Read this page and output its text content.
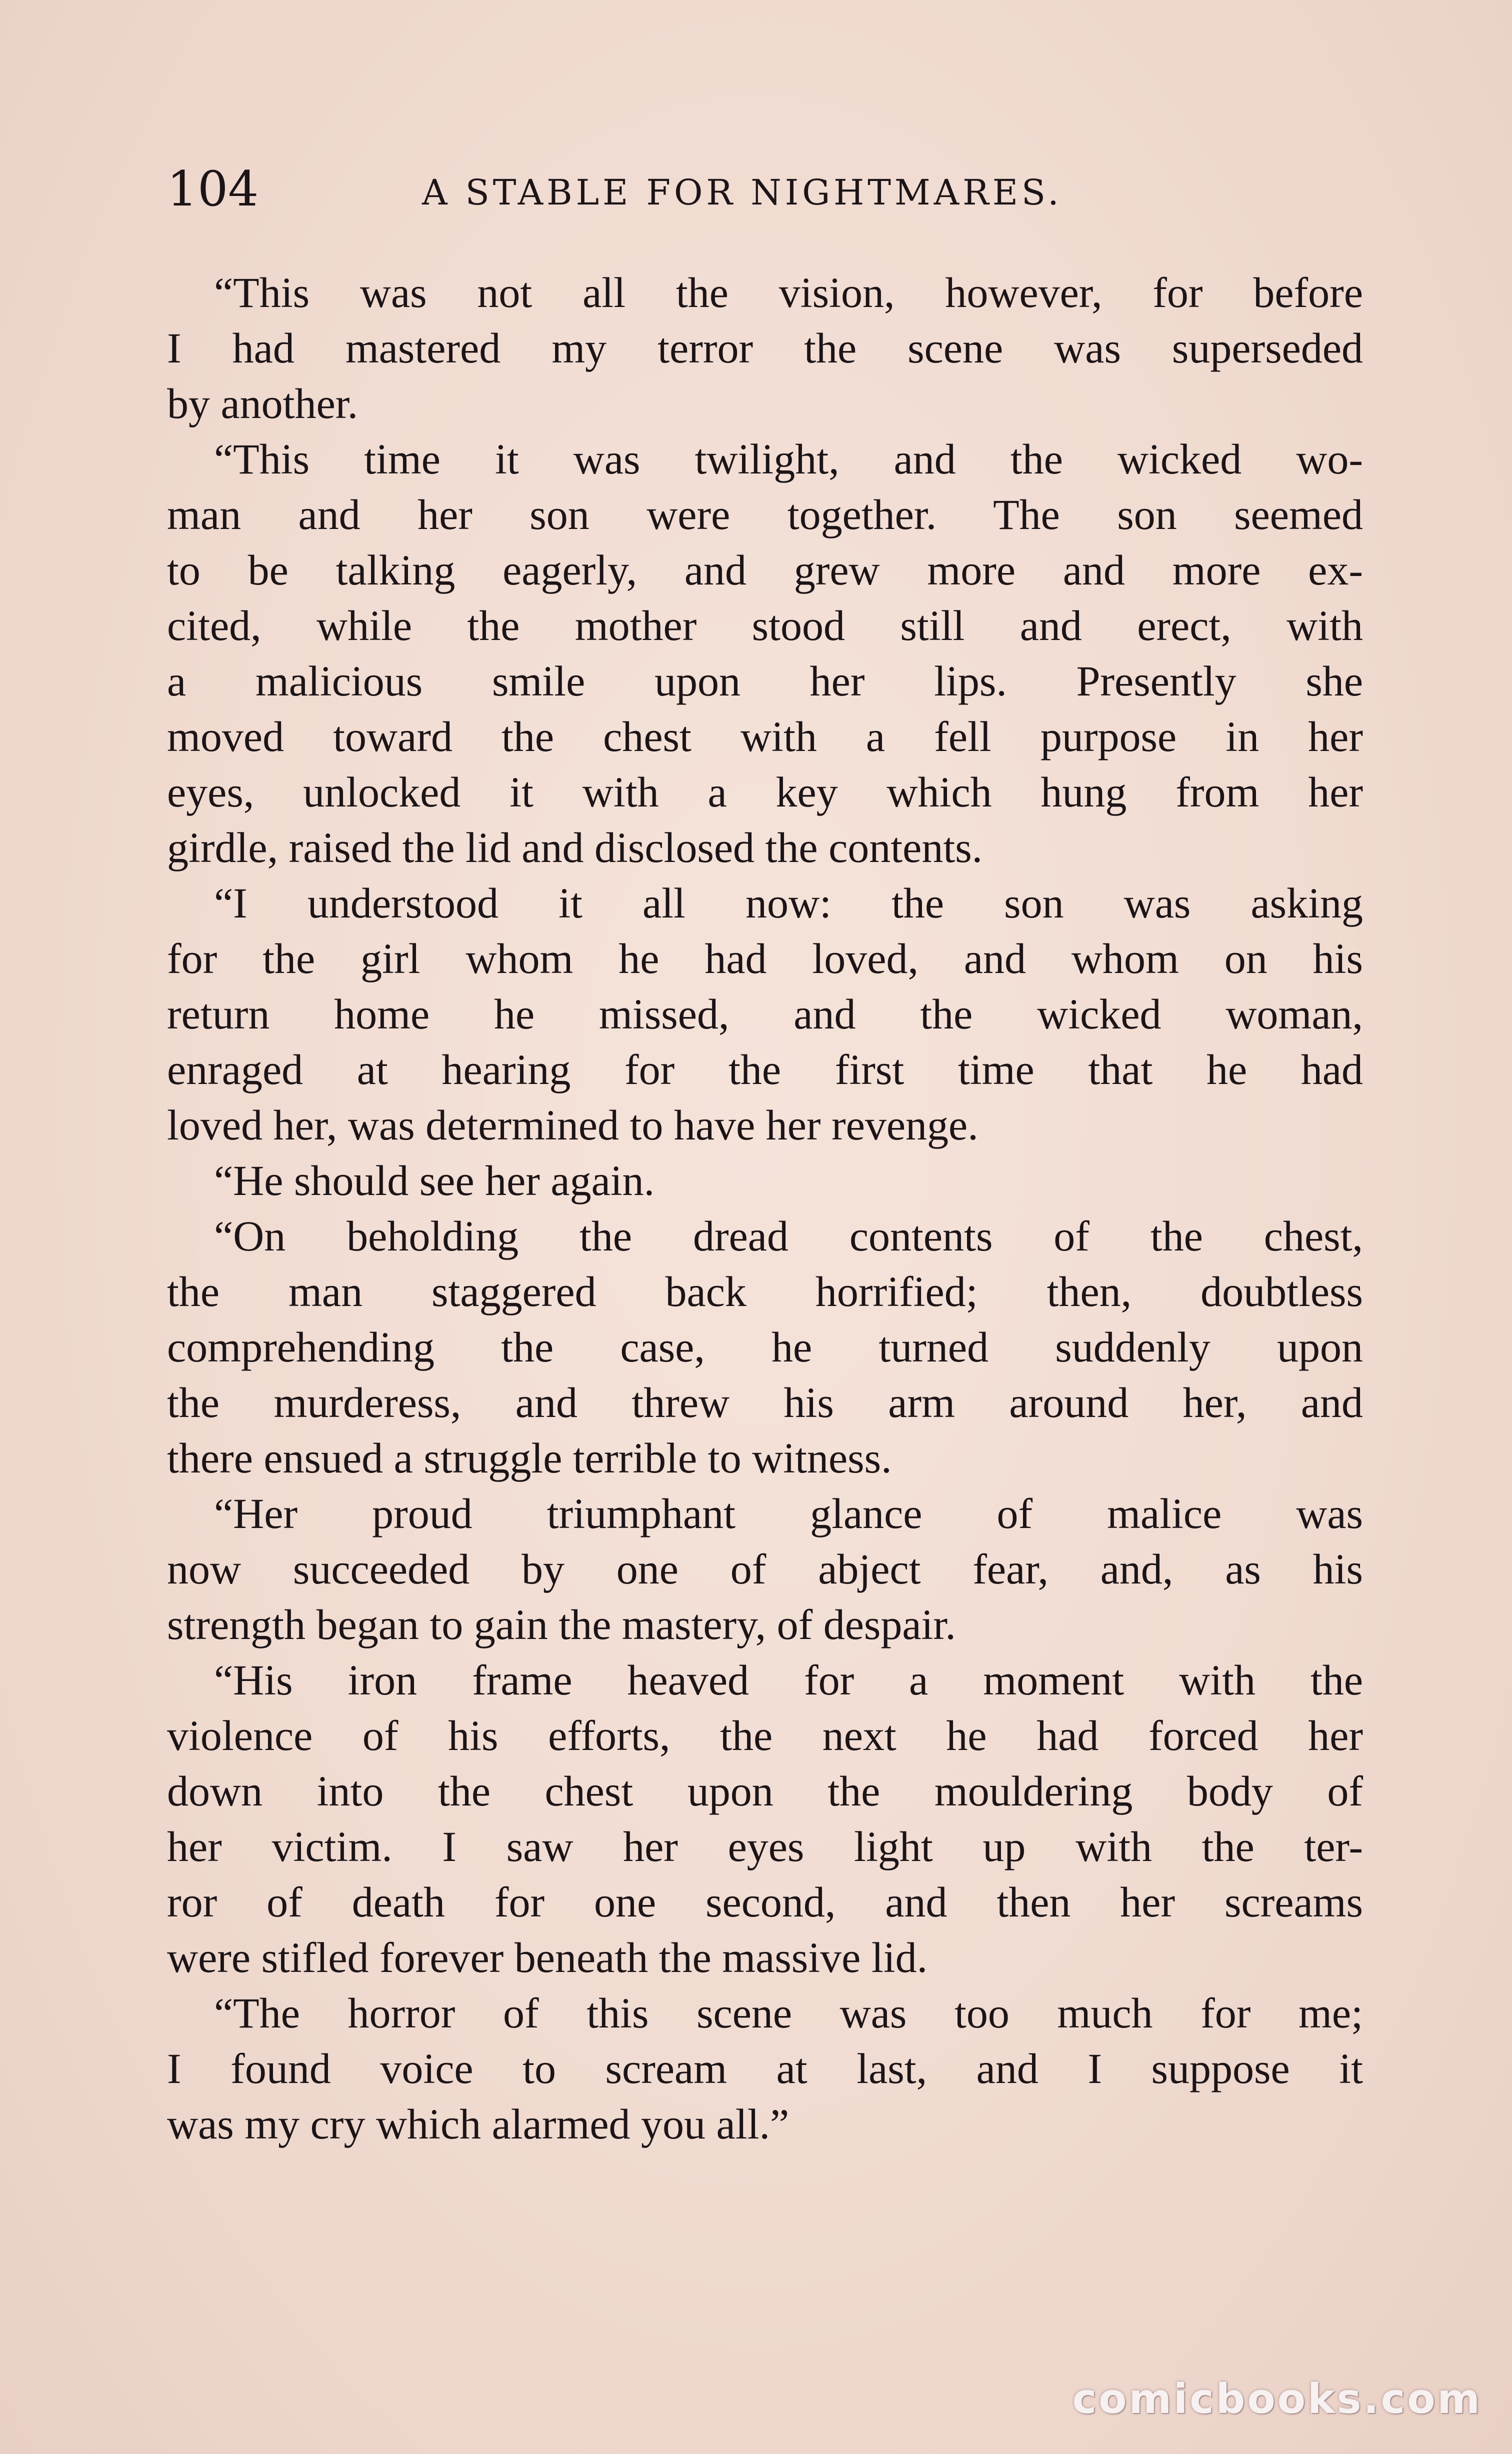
104	A STABLE FOR NIGHTMARES.
“This was not all the vision, however, for before
I had mastered my terror the scene was superseded
by another.
“This time it was twilight, and the wicked wo-
man and her son were together. The son seemed
to be talking eagerly, and grew more and more ex-
cited, while the mother stood still and erect, with
a malicious smile upon her lips. Presently she
moved toward the chest with a fell purpose in her
eyes, unlocked it with a key which hung from her
girdle, raised the lid and disclosed the contents.
“I understood it all now: the son was asking
for the girl whom he had loved, and whom on his
return home he missed, and the wicked woman,
enraged at hearing for the first time that he had
loved her, was determined to have her revenge.
“He should see her again.
“On beholding the dread contents of the chest,
the man staggered back horrified; then, doubtless
comprehending the case, he turned suddenly upon
the murderess, and threw his arm around her, and
there ensued a struggle terrible to witness.
“Her proud triumphant glance of malice was
now succeeded by one of abject fear, and, as his
strength began to gain the mastery, of despair.
“His iron frame heaved for a moment with the
violence of his efforts, the next he had forced her
down into the chest upon the mouldering body of
her victim. I saw her eyes light up with the ter-
ror of death for one second, and then her screams
were stifled forever beneath the massive lid.
“The horror of this scene was too much for me;
I found voice to scream at last, and I suppose it
was my cry which alarmed you all.”
comicbooks.com
